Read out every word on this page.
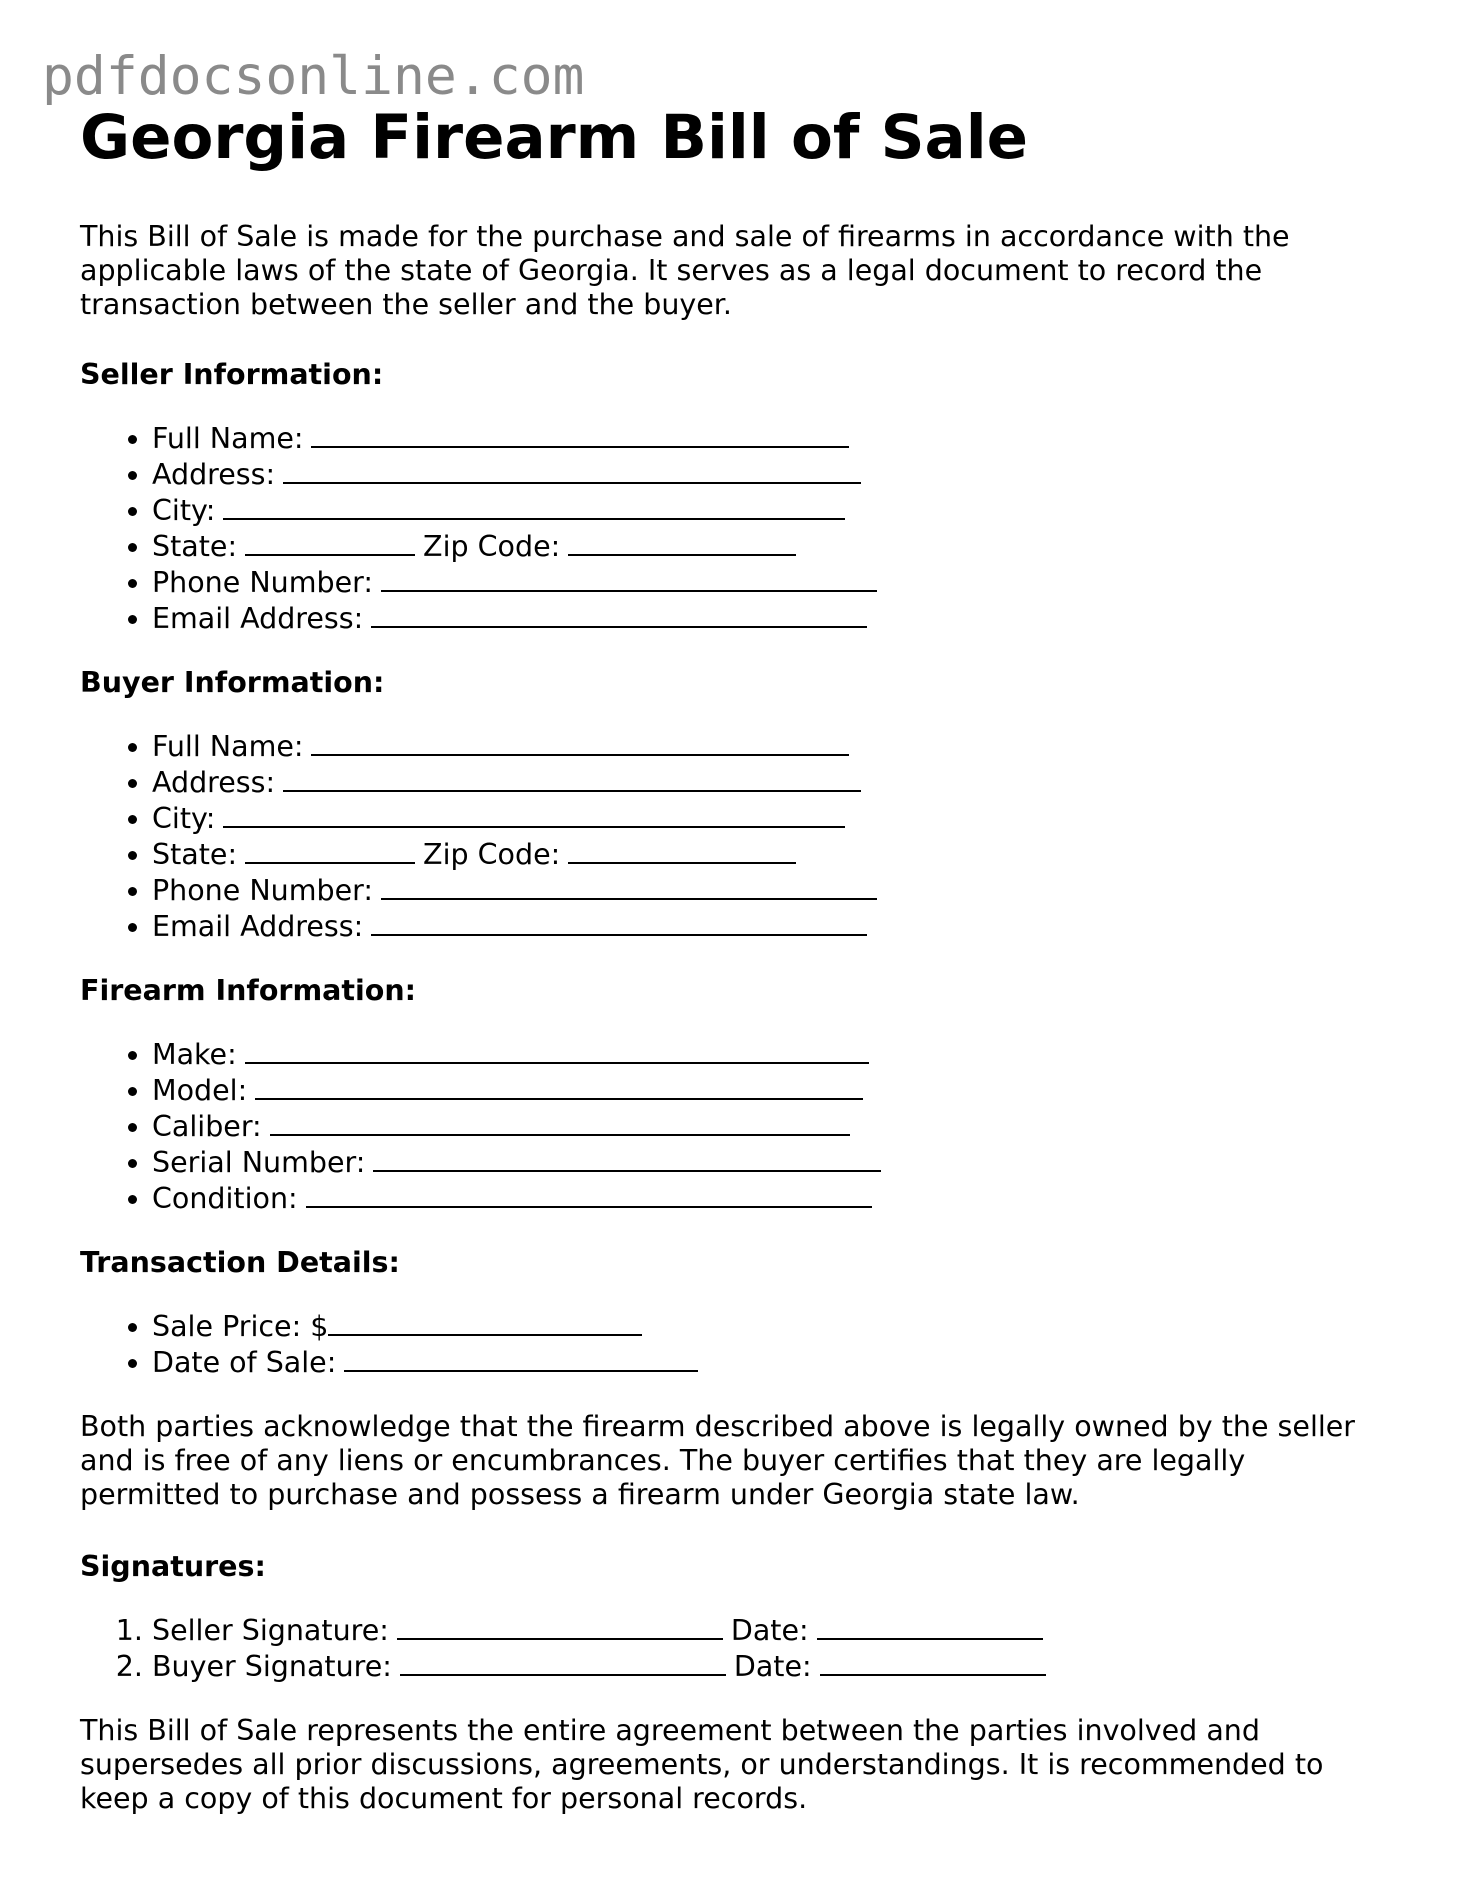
pdfdocsonline.com
Georgia Firearm Bill of Sale

This Bill of Sale is made for the purchase and sale of firearms in accordance with the applicable laws of the state of Georgia. It serves as a legal document to record the transaction between the seller and the buyer.

Seller Information:
• Full Name:
• Address:
• City:
• State:	Zip Code:
• Phone Number:
• Email Address:
Buyer Information:
• Full Name:
• Address:
• City:
• State:	Zip Code:
• Phone Number:
• Email Address:
Firearm Information:
• Make:
• Model:
• Caliber:
• Serial Number:
• Condition:
Transaction Details:
• Sale Price: $
• Date of Sale:

Both parties acknowledge that the firearm described above is legally owned by the seller and is free of any liens or encumbrances. The buyer certifies that they are legally permitted to purchase and possess a firearm under Georgia state law.

Signatures:
1. Seller Signature:	Date:
2. Buyer Signature:	Date:

This Bill of Sale represents the entire agreement between the parties involved and supersedes all prior discussions, agreements, or understandings. It is recommended to keep a copy of this document for personal records.
